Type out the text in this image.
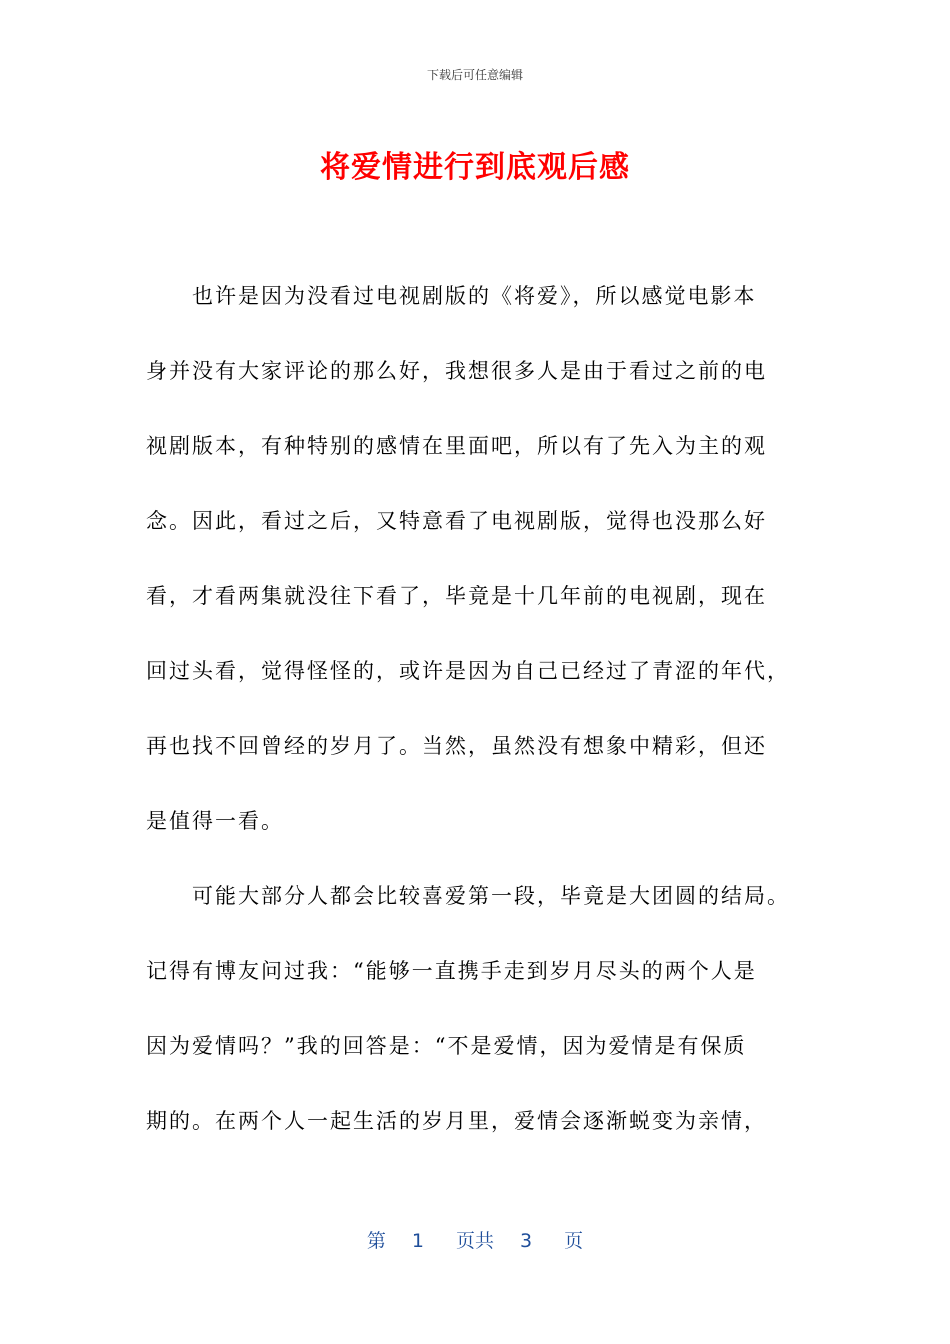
下载后可任意编辑
将爱情进行到底观后感
　　也许是因为没看过电视剧版的《将爱》，所以感觉电影本
身并没有大家评论的那么好，我想很多人是由于看过之前的电
视剧版本，有种特别的感情在里面吧，所以有了先入为主的观
念。因此，看过之后，又特意看了电视剧版，觉得也没那么好
看，才看两集就没往下看了，毕竟是十几年前的电视剧，现在
回过头看，觉得怪怪的，或许是因为自己已经过了青涩的年代，
再也找不回曾经的岁月了。当然，虽然没有想象中精彩，但还
是值得一看。
　　可能大部分人都会比较喜爱第一段，毕竟是大团圆的结局。
记得有博友问过我：“能够一直携手走到岁月尽头的两个人是
因为爱情吗？”我的回答是：“不是爱情，因为爱情是有保质
期的。在两个人一起生活的岁月里，爱情会逐渐蜕变为亲情，
第 1 页共 3 页
